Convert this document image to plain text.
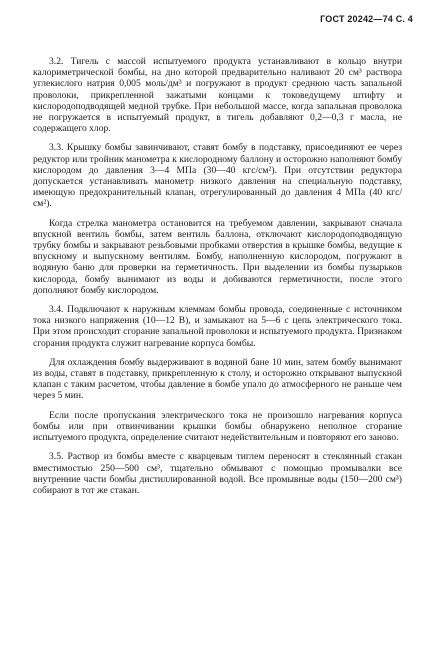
ГОСТ 20242—74 С. 4

3.2. Тигель с массой испытуемого продукта устанавливают в кольцо внутри калориметрической бомбы, на дно которой предварительно наливают 20 см³ раствора углекислого натрия 0,005 моль/дм³ и погружают в продукт среднюю часть запальной проволоки, прикрепленной зажатыми концами к токоведущему штифту и кислородоподводящей медной трубке. При небольшой массе, когда запальная проволока не погружается в испытуемый продукт, в тигель добавляют 0,2—0,3 г масла, не содержащего хлор.

3.3. Крышку бомбы завинчивают, ставят бомбу в подставку, присоединяют ее через редуктор или тройник манометра к кислородному баллону и осторожно наполняют бомбу кислородом до давления 3—4 МПа (30—40 кгс/см²). При отсутствии редуктора допускается устанавливать манометр низкого давления на специальную подставку, имеющую предохранительный клапан, отрегулированный до давления 4 МПа (40 кгс/см²).

Когда стрелка манометра остановится на требуемом давлении, закрывают сначала впускной вентиль бомбы, затем вентиль баллона, отключают кислородоподводящую трубку бомбы и закрывают резьбовыми пробками отверстия в крышке бомбы, ведущие к впускному и выпускному вентилям. Бомбу, наполненную кислородом, погружают в водяную баню для проверки на герметичность. При выделении из бомбы пузырьков кислорода, бомбу вынимают из воды и добиваются герметичности, после этого дополняют бомбу кислородом.

3.4. Подключают к наружным клеммам бомбы провода, соединенные с источником тока низкого напряжения (10—12 В), и замыкают на 5—6 с цепь электрического тока. При этом происходит сгорание запальной проволоки и испытуемого продукта. Признаком сгорания продукта служит нагревание корпуса бомбы.

Для охлаждения бомбу выдерживают в водяной бане 10 мин, затем бомбу вынимают из воды, ставят в подставку, прикрепленную к столу, и осторожно открывают выпускной клапан с таким расчетом, чтобы давление в бомбе упало до атмосферного не раньше чем через 5 мин.

Если после пропускания электрического тока не произошло нагревания корпуса бомбы или при отвинчивании крышки бомбы обнаружено неполное сгорание испытуемого продукта, определение считают недействительным и повторяют его заново.

3.5. Раствор из бомбы вместе с кварцевым тиглем переносят в стеклянный стакан вместимостью 250—500 см³, тщательно обмывают с помощью промывалки все внутренние части бомбы дистиллированной водой. Все промывные воды (150—200 см³) собирают в тот же стакан.
